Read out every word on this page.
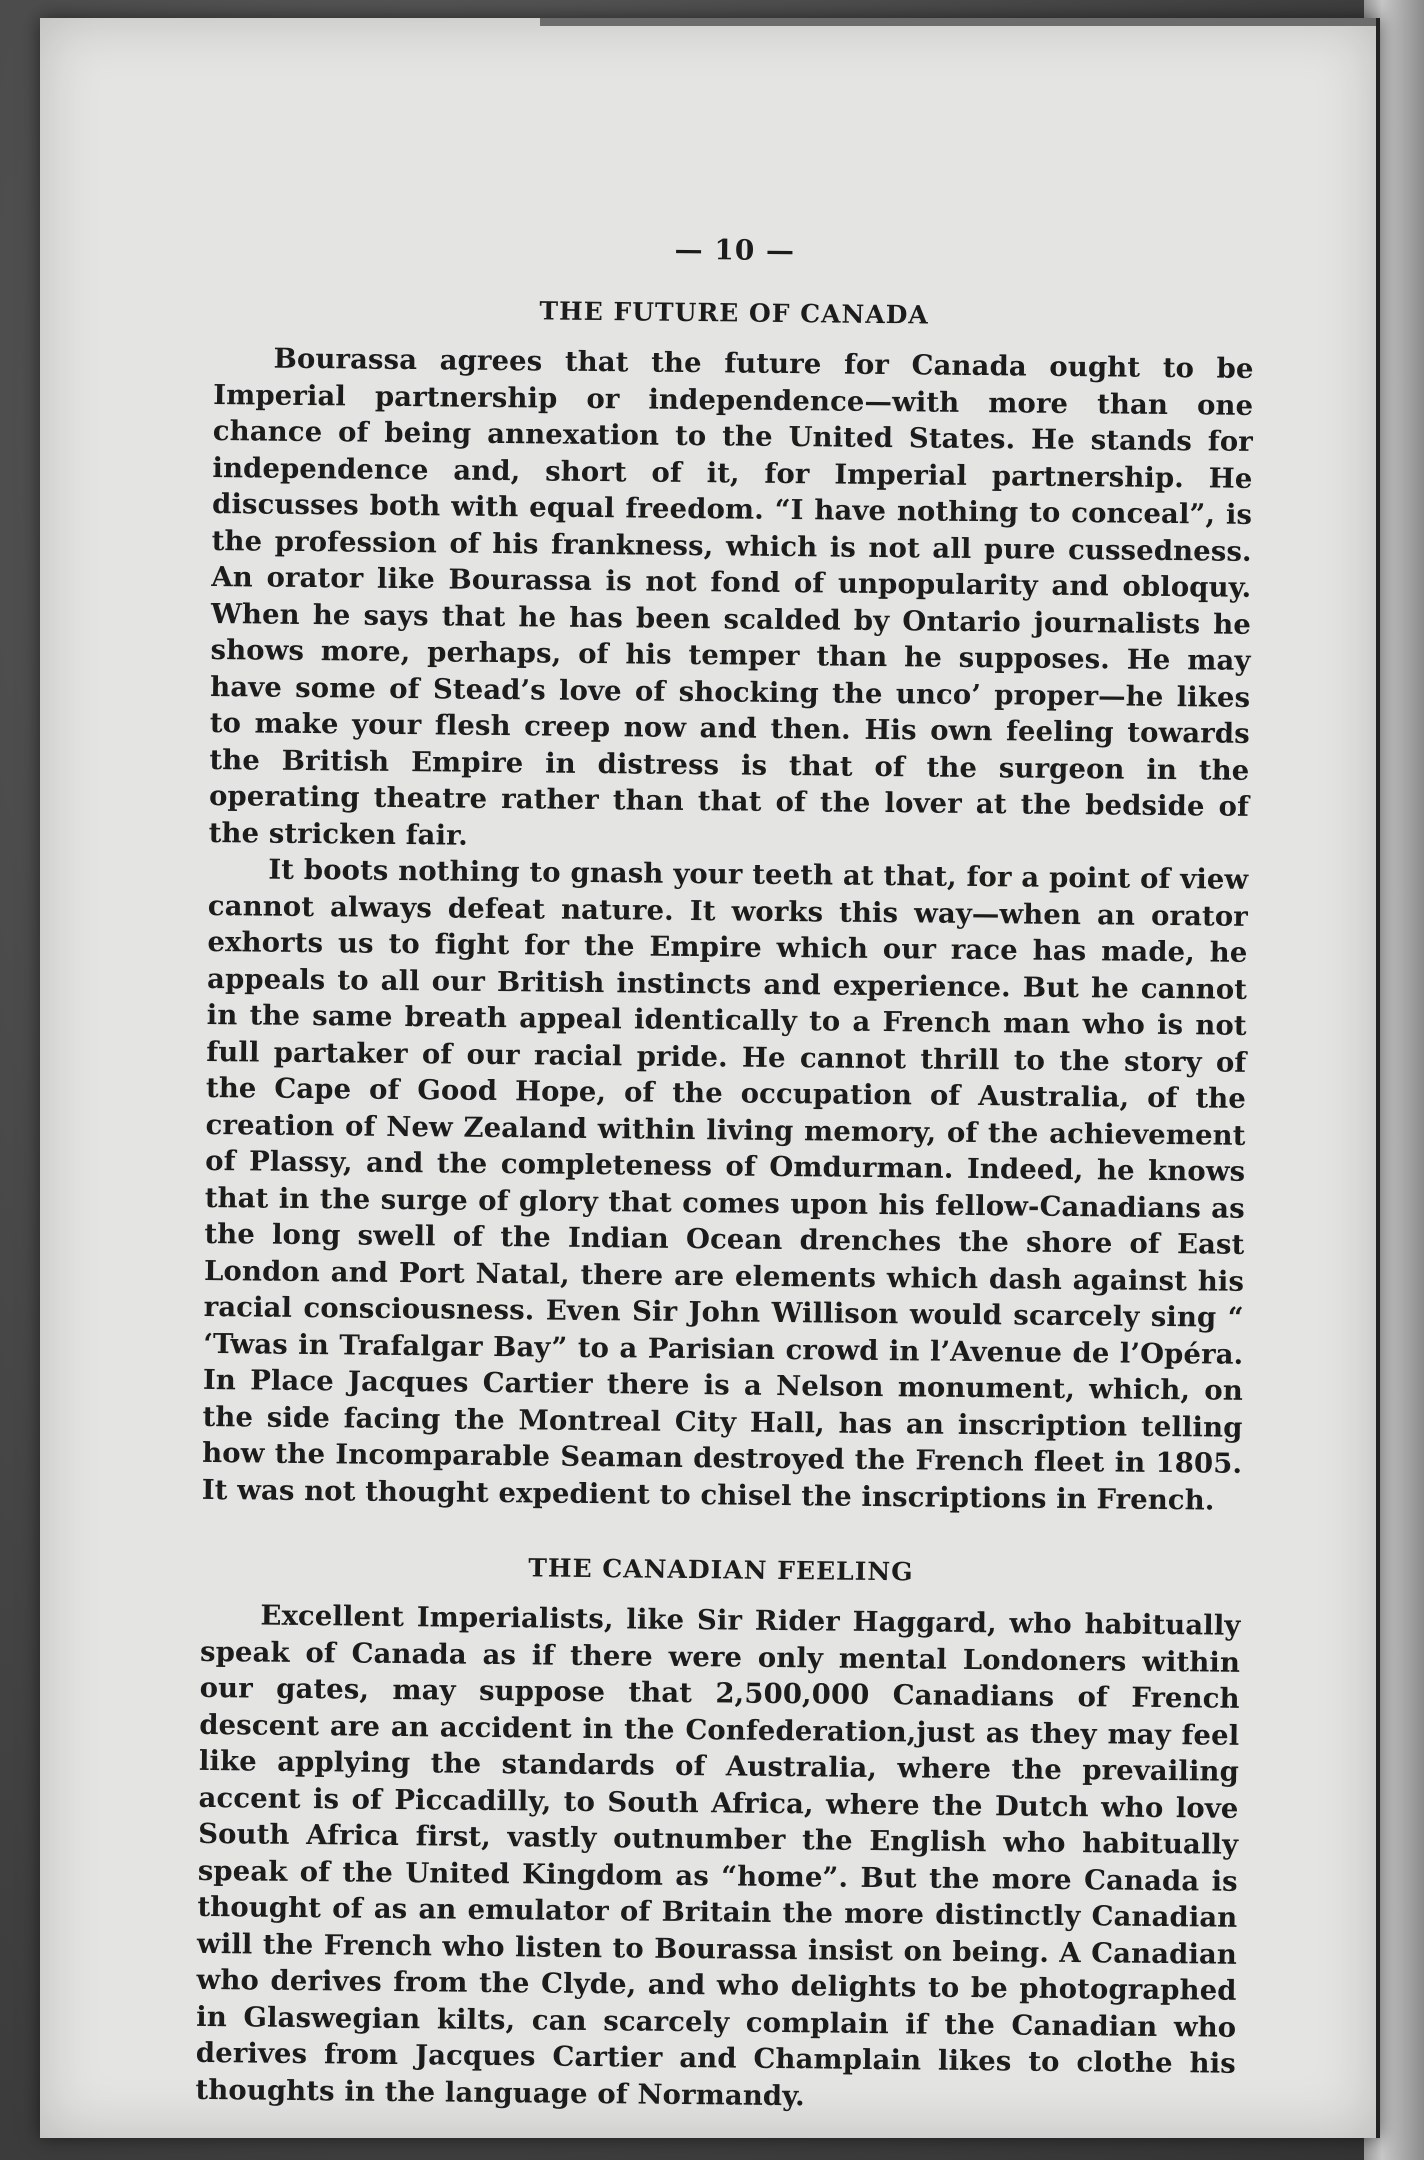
— 10 —
THE FUTURE OF CANADA

Bourassa agrees that the future for Canada ought to be Imperial partnership or independence—with more than one chance of being annexation to the United States. He stands for independence and, short of it, for Imperial partnership. He discusses both with equal freedom. “I have nothing to conceal”, is the profession of his frankness, which is not all pure cussedness. An orator like Bourassa is not fond of unpopularity and obloquy. When he says that he has been scalded by Ontario journalists he shows more, perhaps, of his temper than he supposes. He may have some of Stead’s love of shocking the unco’ proper—he likes to make your flesh creep now and then. His own feeling towards the British Empire in distress is that of the surgeon in the operating theatre rather than that of the lover at the bedside of the stricken fair.

It boots nothing to gnash your teeth at that, for a point of view cannot always defeat nature. It works this way—when an orator exhorts us to fight for the Empire which our race has made, he appeals to all our British instincts and experience. But he cannot in the same breath appeal identically to a French man who is not full partaker of our racial pride. He cannot thrill to the story of the Cape of Good Hope, of the occupation of Australia, of the creation of New Zealand within living memory, of the achievement of Plassy, and the completeness of Omdurman. Indeed, he knows that in the surge of glory that comes upon his fellow-Canadians as the long swell of the Indian Ocean drenches the shore of East London and Port Natal, there are elements which dash against his racial consciousness. Even Sir John Willison would scarcely sing “ ‘Twas in Trafalgar Bay” to a Parisian crowd in l’Avenue de l’Opéra. In Place Jacques Cartier there is a Nelson monument, which, on the side facing the Montreal City Hall, has an inscription telling how the Incomparable Seaman destroyed the French fleet in 1805. It was not thought expedient to chisel the inscriptions in French.

THE CANADIAN FEELING

Excellent Imperialists, like Sir Rider Haggard, who habitually speak of Canada as if there were only mental Londoners within our gates, may suppose that 2,500,000 Canadians of French descent are an accident in the Confederation,just as they may feel like applying the standards of Australia, where the prevailing accent is of Piccadilly, to South Africa, where the Dutch who love South Africa first, vastly outnumber the English who habitually speak of the United Kingdom as “home”. But the more Canada is thought of as an emulator of Britain the more distinctly Canadian will the French who listen to Bourassa insist on being. A Canadian who derives from the Clyde, and who delights to be photographed in Glaswegian kilts, can scarcely complain if the Canadian who derives from Jacques Cartier and Champlain likes to clothe his thoughts in the language of Normandy.
